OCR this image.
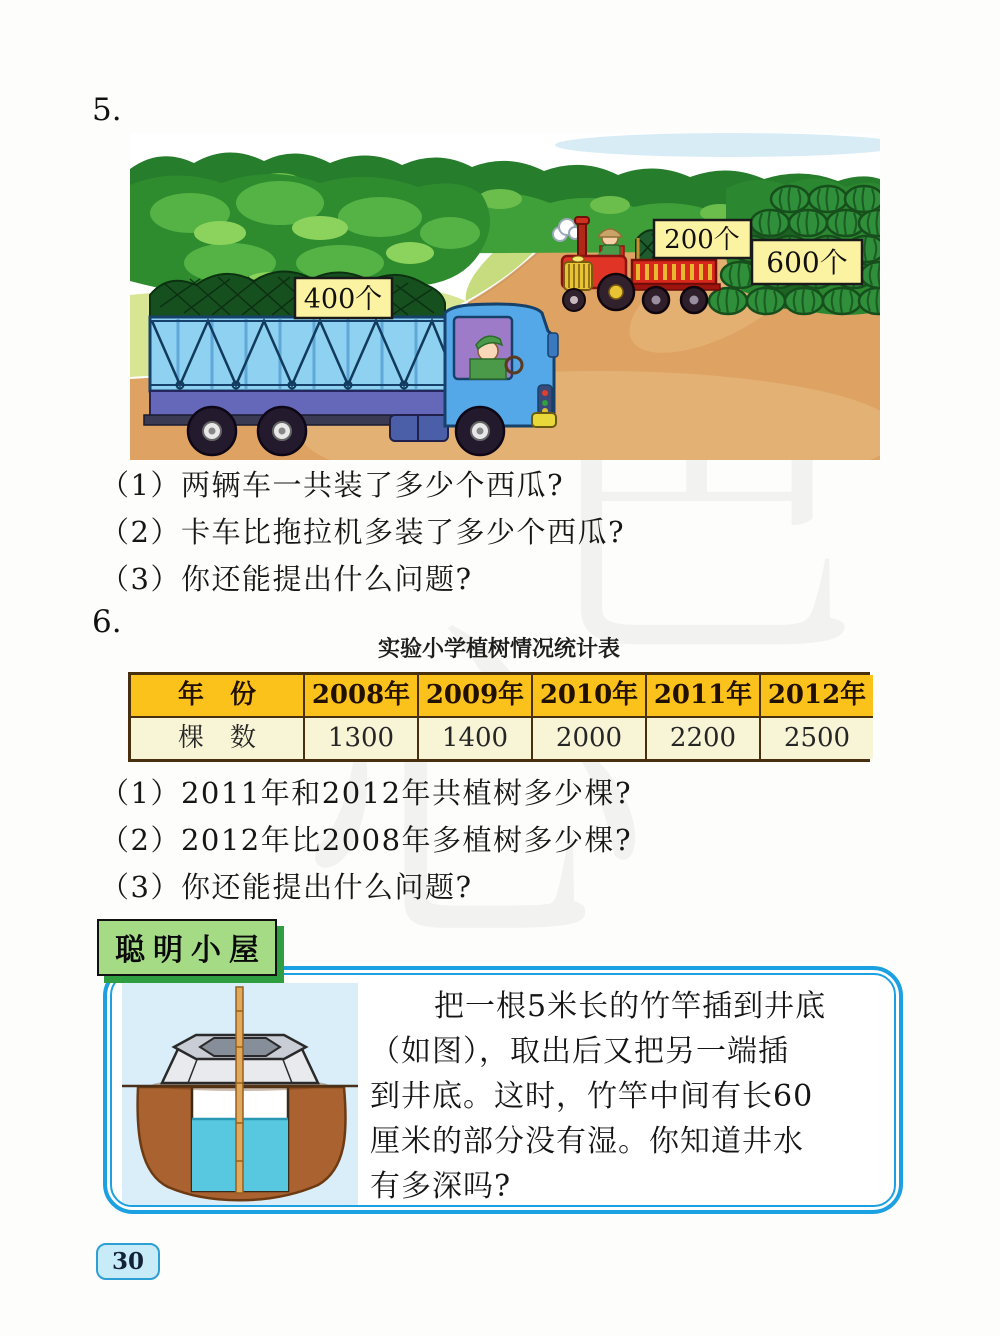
5.
400个
200个
600个
（1）两辆车一共装了多少个西瓜?
（2）卡车比拖拉机多装了多少个西瓜?
（3）你还能提出什么问题?
6.
实验小学植树情况统计表
年　份	2008年 2009年 2010年 2011年 2012年
棵　数	1300	1400	2000	2200	2500
（1）2011年和2012年共植树多少棵?
（2）2012年比2008年多植树多少棵?
（3）你还能提出什么问题?
聪明小屋
把一根5米长的竹竿插到井底
（如图），取出后又把另一端插
到井底。这时，竹竿中间有长60
厘米的部分没有湿。你知道井水
有多深吗?
30
